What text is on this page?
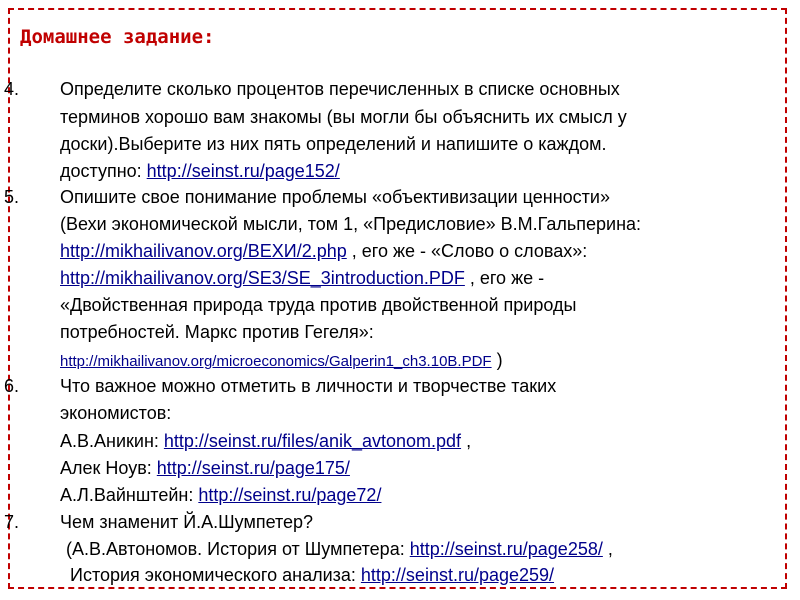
Домашнее задание:
4. Определите сколько процентов перечисленных в списке основных
терминов хорошо вам знакомы (вы могли бы объяснить их смысл у
доски).Выберите из них пять определений и напишите о каждом.
доступно: http://seinst.ru/page152/
5. Опишите свое понимание проблемы «объективизации ценности»
(Вехи экономической мысли, том 1, «Предисловие» В.М.Гальперина:
http://mikhailivanov.org/ВЕХИ/2.php , его же - «Слово о словах»:
http://mikhailivanov.org/SE3/SE_3introduction.PDF , его же -
«Двойственная природа труда против двойственной природы
потребностей. Маркс против Гегеля»:
http://mikhailivanov.org/microeconomics/Galperin1_ch3.10B.PDF )
6. Что важное можно отметить в личности и творчестве таких
экономистов:
А.В.Аникин: http://seinst.ru/files/anik_avtonom.pdf ,
Алек Ноув: http://seinst.ru/page175/
А.Л.Вайнштейн: http://seinst.ru/page72/
7. Чем знаменит Й.А.Шумпетер?
(А.В.Автономов. История от Шумпетера: http://seinst.ru/page258/ ,
История экономического анализа: http://seinst.ru/page259/
